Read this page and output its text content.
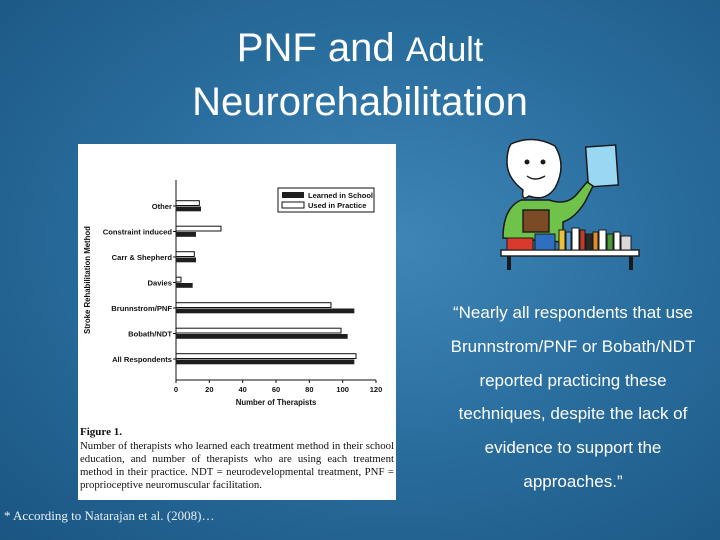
PNF and Adult
Neurorehabilitation
0	20	40	60	80	100	120
Number of Therapists
Stroke Rehabilitation Method
Other
Constraint induced
Carr & Shepherd
Davies
Brunnstrom/PNF
Bobath/NDT
All Respondents
Learned in School
Used in Practice
Figure 1.
Number of therapists who learned each treatment method in their school education, and number of therapists who are using each treatment method in their practice. NDT = neurodevelopmental treatment, PNF = proprioceptive neuromuscular facilitation.
“Nearly all respondents that use Brunnstrom/PNF or Bobath/NDT reported practicing these techniques, despite the lack of evidence to support the approaches.”
* According to Natarajan et al. (2008)…
